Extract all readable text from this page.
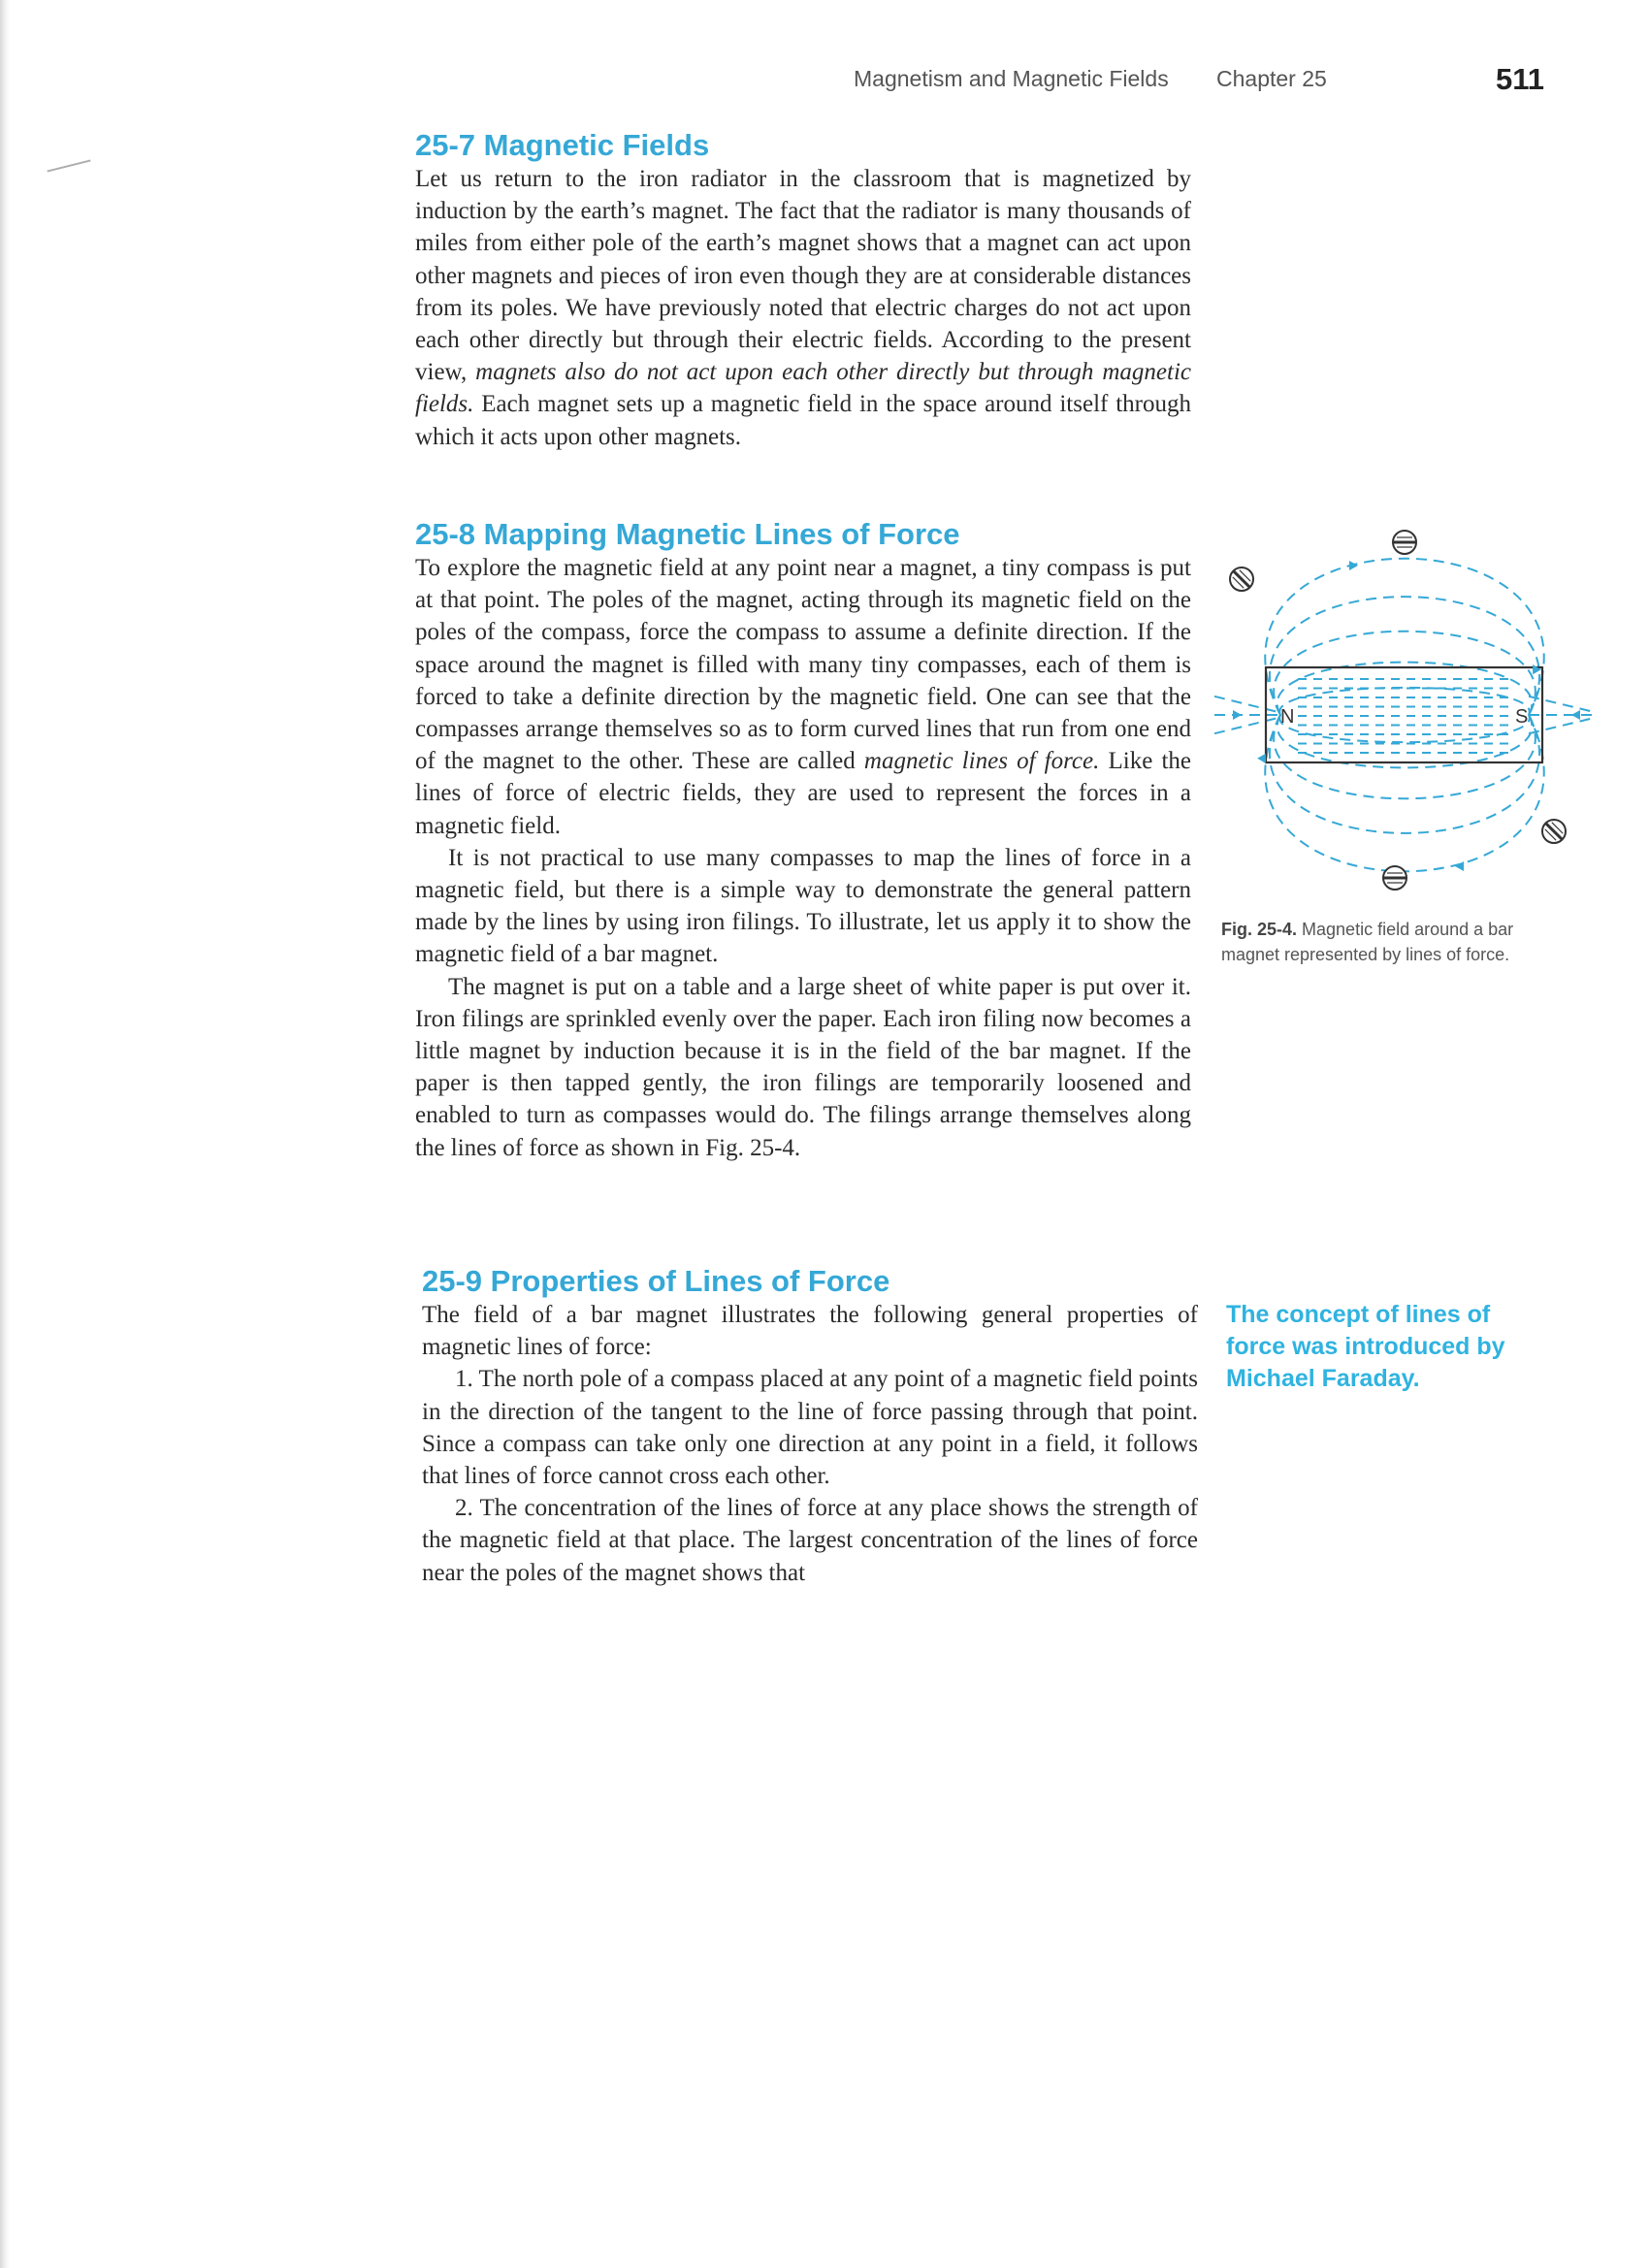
Magnetism and Magnetic Fields Chapter 25	511
25-7 Magnetic Fields

Let us return to the iron radiator in the classroom that is magnetized by induction by the earth’s magnet. The fact that the radiator is many thousands of miles from either pole of the earth’s magnet shows that a magnet can act upon other magnets and pieces of iron even though they are at considerable distances from its poles. We have previously noted that electric charges do not act upon each other directly but through their electric fields. According to the present view, magnets also do not act upon each other directly but through magnetic fields. Each magnet sets up a magnetic field in the space around itself through which it acts upon other magnets.

25-8 Mapping Magnetic Lines of Force

To explore the magnetic field at any point near a magnet, a tiny compass is put at that point. The poles of the magnet, acting through its magnetic field on the poles of the compass, force the compass to assume a definite direction. If the space around the magnet is filled with many tiny compasses, each of them is forced to take a definite direction by the magnetic field. One can see that the compasses arrange themselves so as to form curved lines that run from one end of the magnet to the other. These are called magnetic lines of force. Like the lines of force of electric fields, they are used to represent the forces in a magnetic field.

It is not practical to use many compasses to map the lines of force in a magnetic field, but there is a simple way to demonstrate the general pattern made by the lines by using iron filings. To illustrate, let us apply it to show the magnetic field of a bar magnet.

The magnet is put on a table and a large sheet of white paper is put over it. Iron filings are sprinkled evenly over the paper. Each iron filing now becomes a little magnet by induction because it is in the field of the bar magnet. If the paper is then tapped gently, the iron filings are temporarily loosened and enabled to turn as compasses would do. The filings arrange themselves along the lines of force as shown in Fig. 25-4.

25-9 Properties of Lines of Force

The field of a bar magnet illustrates the following general properties of magnetic lines of force:

1. The north pole of a compass placed at any point of a magnetic field points in the direction of the tangent to the line of force passing through that point. Since a compass can take only one direction at any point in a field, it follows that lines of force cannot cross each other.

2. The concentration of the lines of force at any place shows the strength of the magnetic field at that place. The largest concentration of the lines of force near the poles of the magnet shows that

N	S
Fig. 25-4. Magnetic field around a bar magnet represented by lines of force.
The concept of lines of force was introduced by Michael Faraday.
